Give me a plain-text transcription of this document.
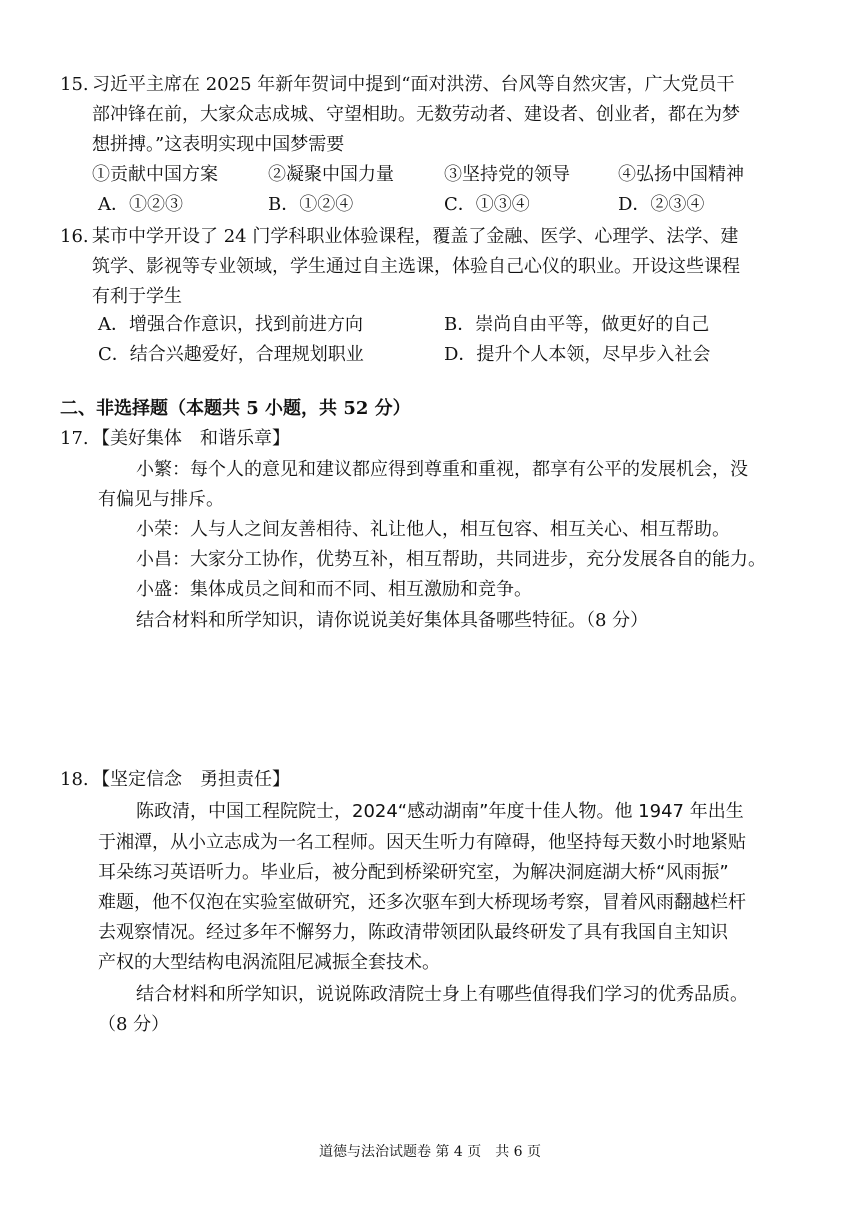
15. 习近平主席在 2025 年新年贺词中提到“面对洪涝、台风等自然灾害，广大党员干
部冲锋在前，大家众志成城、守望相助。无数劳动者、建设者、创业者，都在为梦
想拼搏。”这表明实现中国梦需要
①贡献中国方案	②凝聚中国力量	③坚持党的领导	④弘扬中国精神
A．①②③	B．①②④	C．①③④	D．②③④
16. 某市中学开设了 24 门学科职业体验课程，覆盖了金融、医学、心理学、法学、建
筑学、影视等专业领域，学生通过自主选课，体验自己心仪的职业。开设这些课程
有利于学生
A．增强合作意识，找到前进方向	B．崇尚自由平等，做更好的自己
C．结合兴趣爱好，合理规划职业	D．提升个人本领，尽早步入社会
二、非选择题（本题共 5 小题，共 52 分）
17. 【美好集体　和谐乐章】
小繁：每个人的意见和建议都应得到尊重和重视，都享有公平的发展机会，没
有偏见与排斥。
小荣：人与人之间友善相待、礼让他人，相互包容、相互关心、相互帮助。
小昌：大家分工协作，优势互补，相互帮助，共同进步，充分发展各自的能力。
小盛：集体成员之间和而不同、相互激励和竞争。
结合材料和所学知识，请你说说美好集体具备哪些特征。（8 分）
18. 【坚定信念　勇担责任】
陈政清，中国工程院院士，2024“感动湖南”年度十佳人物。他 1947 年出生
于湘潭，从小立志成为一名工程师。因天生听力有障碍，他坚持每天数小时地紧贴
耳朵练习英语听力。毕业后，被分配到桥梁研究室，为解决洞庭湖大桥“风雨振”
难题，他不仅泡在实验室做研究，还多次驱车到大桥现场考察，冒着风雨翻越栏杆
去观察情况。经过多年不懈努力，陈政清带领团队最终研发了具有我国自主知识
产权的大型结构电涡流阻尼减振全套技术。
结合材料和所学知识，说说陈政清院士身上有哪些值得我们学习的优秀品质。
（8 分）
道德与法治试题卷 第 4 页　共 6 页
